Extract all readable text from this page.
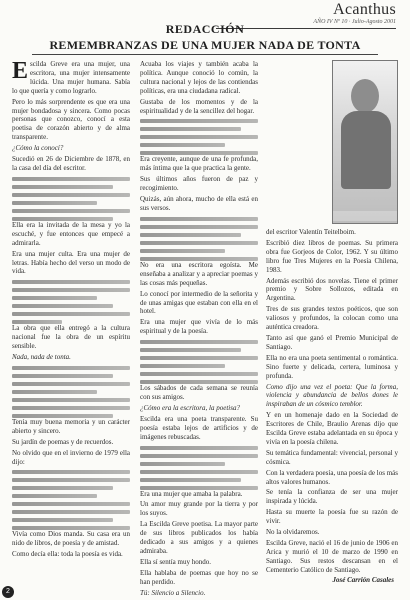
Acanthus
AÑO IV Nº 10 · Julio-Agosto 2001
REDACCIÓN
REMEMBRANZAS DE UNA MUJER NADA DE TONTA

Escilda Greve era una mujer, una escritora, una mujer intensamente lúcida. Una mujer humana. Sabía lo que quería y como lograrlo.

Pero lo más sorprendente es que era una mujer bondadosa y sincera. Como pocas personas que conozco, conocí a esta poetisa de corazón abierto y de alma transparente.

¿Cómo la conocí?

Sucedió en 26 de Diciembre de 1878, en la casa del día del escritor.

Ella era la invitada de la mesa y yo la escuché, y fue entonces que empecé a admirarla.

Era una mujer culta. Era una mujer de letras. Había hecho del verso un modo de vida.

La obra que ella entregó a la cultura nacional fue la obra de un espíritu sensible.

Nada, nada de tonta.

Tenía muy buena memoria y un carácter abierto y sincero.

Su jardín de poemas y de recuerdos.

No olvido que en el invierno de 1979 ella dijo:

Vivía como Dios manda. Su casa era un nido de libros, de poesía y de amistad.

Como decía ella: toda la poesía es vida.

Acuaba los viajes y también acaba la política. Aunque conoció lo común, la cultura nacional y lejos de las contiendas políticas, era una ciudadana radical.

Gustaba de los momentos y de la espiritualidad y de la sencillez del hogar.

Era creyente, aunque de una fe profunda, más íntima que la que practica la gente.

Sus últimos años fueron de paz y recogimiento.

Quizás, aún ahora, mucho de ella está en sus versos.

No era una escritora egoísta. Me enseñaba a analizar y a apreciar poemas y las cosas más pequeñas.

Lo conocí por intermedio de la señorita y de unas amigas que estaban con ella en el hotel.

Era una mujer que vivía de lo más espiritual y de la poesía.

Los sábados de cada semana se reunía con sus amigos.

¿Cómo era la escritora, la poetisa?

Escilda era una poeta transparente. Su poesía estaba lejos de artificios y de imágenes rebuscadas.

Era una mujer que amaba la palabra.

Un amor muy grande por la tierra y por los suyos.

La Escilda Greve poetisa. La mayor parte de sus libros publicados los había dedicado a sus amigos y a quienes admiraba.

Ella sí sentía muy hondo.

Ella hablaba de poemas que hoy no se han perdido.

Tú: Silencio a Silencio.

del escritor Valentín Teitelboim.

Escribió diez libros de poemas. Su primera obra fue Gorjeos de Color, 1962. Y su último libro fue Tres Mujeres en la Poesía Chilena, 1983.

Además escribió dos novelas. Tiene el primer premio y Sobre Sollozos, editada en Argentina.

Tres de sus grandes textos poéticos, que son valiosos y profundos, la colocan como una auténtica creadora.

Tanto así que ganó el Premio Municipal de Santiago.

Ella no era una poeta sentimental o romántica. Sino fuerte y delicada, certera, luminosa y profunda.

Como dijo una vez el poeta: Que la forma, violencia y abundancia de bellos dones le inspiraban de un cósmico temblor.

Y en un homenaje dado en la Sociedad de Escritores de Chile, Braulio Arenas dijo que Escilda Greve estaba adelantada en su época y vivía en la poesía chilena.

Su temática fundamental: vivencial, personal y cósmica.

Con la verdadera poesía, una poesía de los más altos valores humanos.

Se tenía la confianza de ser una mujer inspirada y lúcida.

Hasta su muerte la poesía fue su razón de vivir.

No la olvidaremos.

Escilda Greve, nació el 16 de junio de 1906 en Arica y murió el 10 de marzo de 1990 en Santiago. Sus restos descansan en el Cementerio Católico de Santiago.

José Carrión Casales
2
